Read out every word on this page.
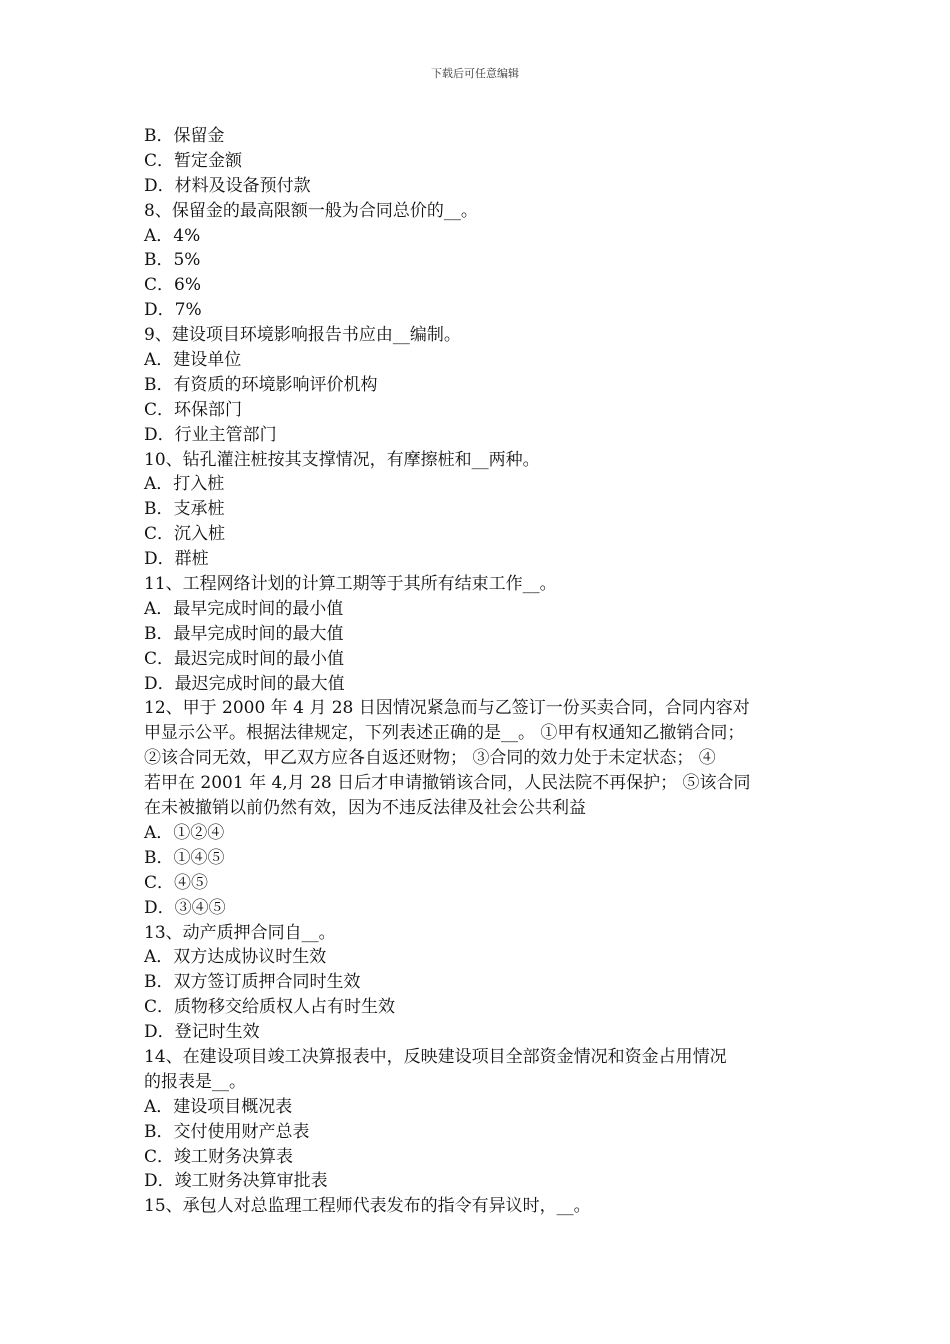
下载后可任意编辑
B．保留金
C．暂定金额
D．材料及设备预付款
8、保留金的最高限额一般为合同总价的__。
A．4%
B．5%
C．6%
D．7%
9、建设项目环境影响报告书应由__编制。
A．建设单位
B．有资质的环境影响评价机构
C．环保部门
D．行业主管部门
10、钻孔灌注桩按其支撑情况，有摩擦桩和__两种。
A．打入桩
B．支承桩
C．沉入桩
D．群桩
11、工程网络计划的计算工期等于其所有结束工作__。
A．最早完成时间的最小值
B．最早完成时间的最大值
C．最迟完成时间的最小值
D．最迟完成时间的最大值
12、甲于 2000 年 4 月 28 日因情况紧急而与乙签订一份买卖合同，合同内容对
甲显示公平。根据法律规定，下列表述正确的是__。 ①甲有权通知乙撤销合同；
②该合同无效，甲乙双方应各自返还财物； ③合同的效力处于未定状态； ④
若甲在 2001 年 4,月 28 日后才申请撤销该合同，人民法院不再保护； ⑤该合同
在未被撤销以前仍然有效，因为不违反法律及社会公共利益
A．①②④
B．①④⑤
C．④⑤
D．③④⑤
13、动产质押合同自__。
A．双方达成协议时生效
B．双方签订质押合同时生效
C．质物移交给质权人占有时生效
D．登记时生效
14、在建设项目竣工决算报表中，反映建设项目全部资金情况和资金占用情况
的报表是__。
A．建设项目概况表
B．交付使用财产总表
C．竣工财务决算表
D．竣工财务决算审批表
15、承包人对总监理工程师代表发布的指令有异议时，__。
